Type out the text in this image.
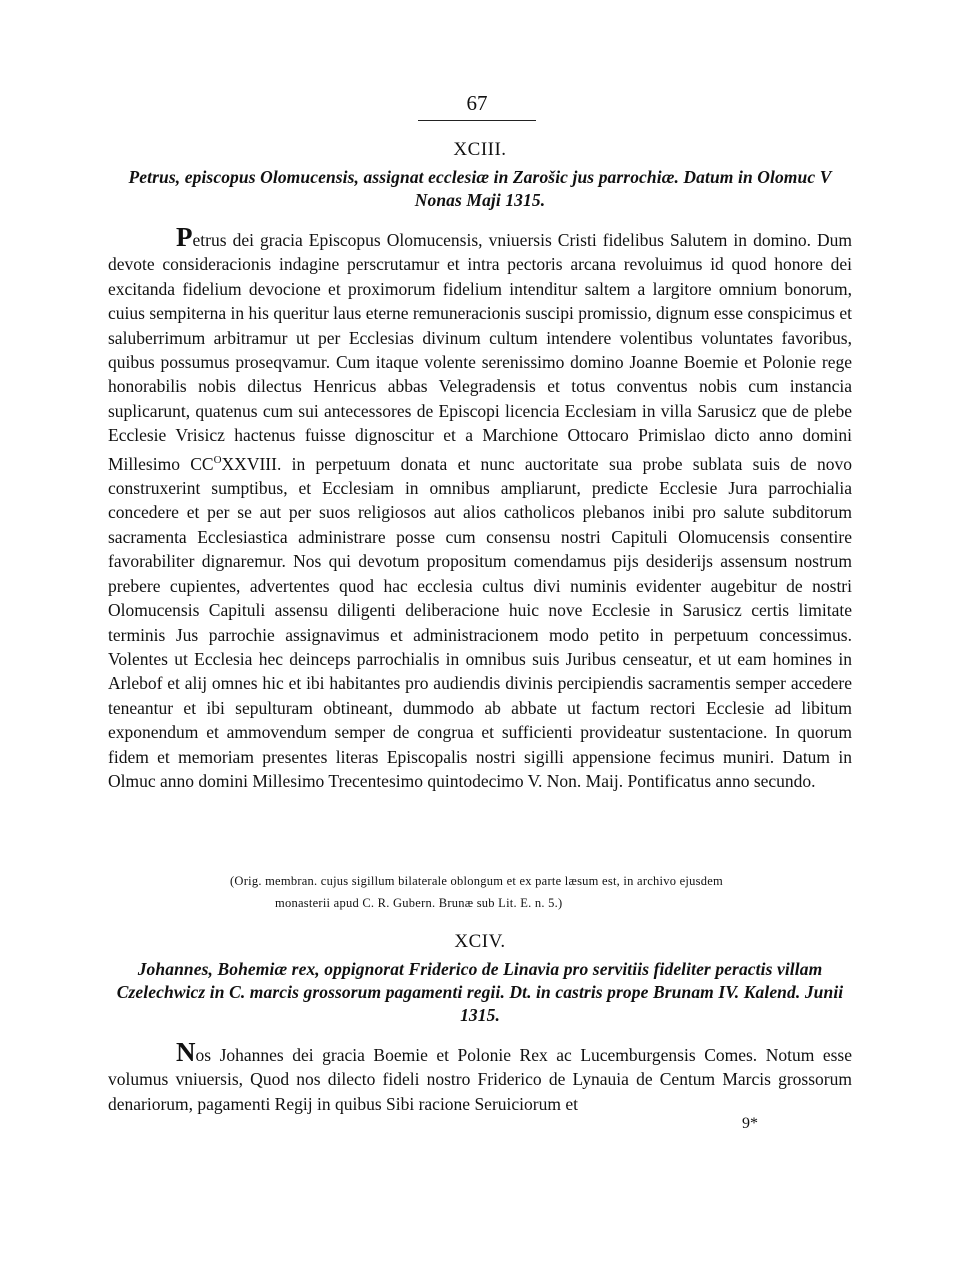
67
XCIII.
Petrus, episcopus Olomucensis, assignat ecclesiæ in Zarošic jus parrochiæ. Datum in Olomuc V Nonas Maji 1315.

Petrus dei gracia Episcopus Olomucensis, vniuersis Cristi fidelibus Salutem in domino. Dum devote consideracionis indagine perscrutamur et intra pectoris arcana revoluimus id quod honore dei excitanda fidelium devocione et proximorum fidelium intenditur saltem a largitore omnium bonorum, cuius sempiterna in his queritur laus eterne remuneracionis suscipi promissio, dignum esse conspicimus et saluberrimum arbitramur ut per Ecclesias divinum cultum intendere volentibus voluntates favoribus, quibus possumus proseqvamur. Cum itaque volente serenissimo domino Joanne Boemie et Polonie rege honorabilis nobis dilectus Henricus abbas Velegradensis et totus conventus nobis cum instancia suplicarunt, quatenus cum sui antecessores de Episcopi licencia Ecclesiam in villa Sarusicz que de plebe Ecclesie Vrisicz hactenus fuisse dignoscitur et a Marchione Ottocaro Primislao dicto anno domini Millesimo $CC^OXXVIII$. in perpetuum donata et nunc auctoritate sua probe sublata suis de novo construxerint sumptibus, et Ecclesiam in omnibus ampliarunt, predicte Ecclesie Jura parrochialia concedere et per se aut per suos religiosos aut alios catholicos plebanos inibi pro salute subditorum sacramenta Ecclesiastica administrare posse cum consensu nostri Capituli Olomucensis consentire favorabiliter dignaremur. Nos qui devotum propositum comendamus pijs desiderijs assensum nostrum prebere cupientes, advertentes quod hac ecclesia cultus divi numinis evidenter augebitur de nostri Olomucensis Capituli assensu diligenti deliberacione huic nove Ecclesie in Sarusicz certis limitate terminis Jus parrochie assignavimus et administracionem modo petito in perpetuum concessimus. Volentes ut Ecclesia hec deinceps parrochialis in omnibus suis Juribus censeatur, et ut eam homines in Arlebof et alij omnes hic et ibi habitantes pro audiendis divinis percipiendis sacramentis semper accedere teneantur et ibi sepulturam obtineant, dummodo ab abbate ut factum rectori Ecclesie ad libitum exponendum et ammovendum semper de congrua et sufficienti provideatur sustentacione. In quorum fidem et memoriam presentes literas Episcopalis nostri sigilli appensione fecimus muniri. Datum in Olmuc anno domini Millesimo Trecentesimo quintodecimo V. Non. Maij. Pontificatus anno secundo.

(Orig. membran. cujus sigillum bilaterale oblongum et ex parte læsum est, in archivo ejusdem

monasterii apud C. R. Gubern. Brunæ sub Lit. E. n. 5.)

XCIV.
Johannes, Bohemiæ rex, oppignorat Friderico de Linavia pro servitiis fideliter peractis villam Czelechwicz in C. marcis grossorum pagamenti regii. Dt. in castris prope Brunam IV. Kalend. Junii 1315.

Nos Johannes dei gracia Boemie et Polonie Rex ac Lucemburgensis Comes. Notum esse volumus vniuersis, Quod nos dilecto fideli nostro Friderico de Lynauia de Centum Marcis grossorum denariorum, pagamenti Regij in quibus Sibi racione Seruiciorum et

9*
